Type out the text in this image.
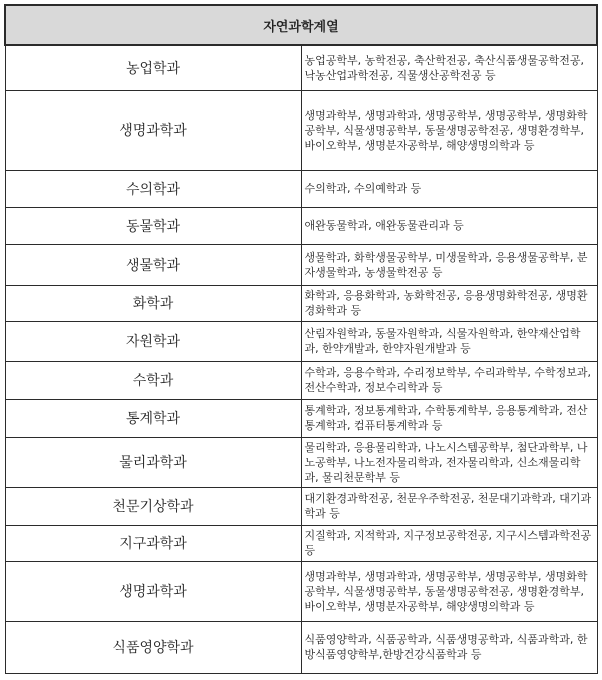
자연과학계열	
농업학과	농업공학부, 농학전공, 축산학전공, 축산식품생물공학전공, 낙농산업과학전공, 직물생산공학전공 등
생명과학과	생명과학부, 생명과학과, 생명공학부, 생명공학부, 생명화학공학부, 식물생명공학부, 동물생명공학전공, 생명환경학부, 바이오학부, 생명분자공학부, 해양생명의학과 등
수의학과	수의학과, 수의예학과 등
동물학과	애완동물학과, 애완동물관리과 등
생물학과	생물학과, 화학생물공학부, 미생물학과, 응용생물공학부, 분자생물학과, 농생물학전공 등
화학과	화학과, 응용화학과, 농화학전공, 응용생명화학전공, 생명환경화학과 등
자원학과	산림자원학과, 동물자원학과, 식물자원학과, 한약재산업학과, 한약개발과, 한약자원개발과 등
수학과	수학과, 응용수학과, 수리정보학부, 수리과학부, 수학정보과, 전산수학과, 정보수리학과 등
통계학과	통계학과, 정보통계학과, 수학통계학부, 응용통계학과, 전산통계학과, 컴퓨터통계학과 등
물리과학과	물리학과, 응용물리학과, 나노시스템공학부, 첨단과학부, 나노공학부, 나노전자물리학과, 전자물리학과, 신소재물리학과, 물리천문학부 등
천문기상학과	대기환경과학전공, 천문우주학전공, 천문대기과학과, 대기과학과 등
지구과학과	지질학과, 지적학과, 지구정보공학전공, 지구시스템과학전공 등
생명과학과	생명과학부, 생명과학과, 생명공학부, 생명공학부, 생명화학공학부, 식물생명공학부, 동물생명공학전공, 생명환경학부, 바이오학부, 생명분자공학부, 해양생명의학과 등
식품영양학과	식품영양학과, 식품공학과, 식품생명공학과, 식품과학과, 한방식품영양학부,한방건강식품학과 등
